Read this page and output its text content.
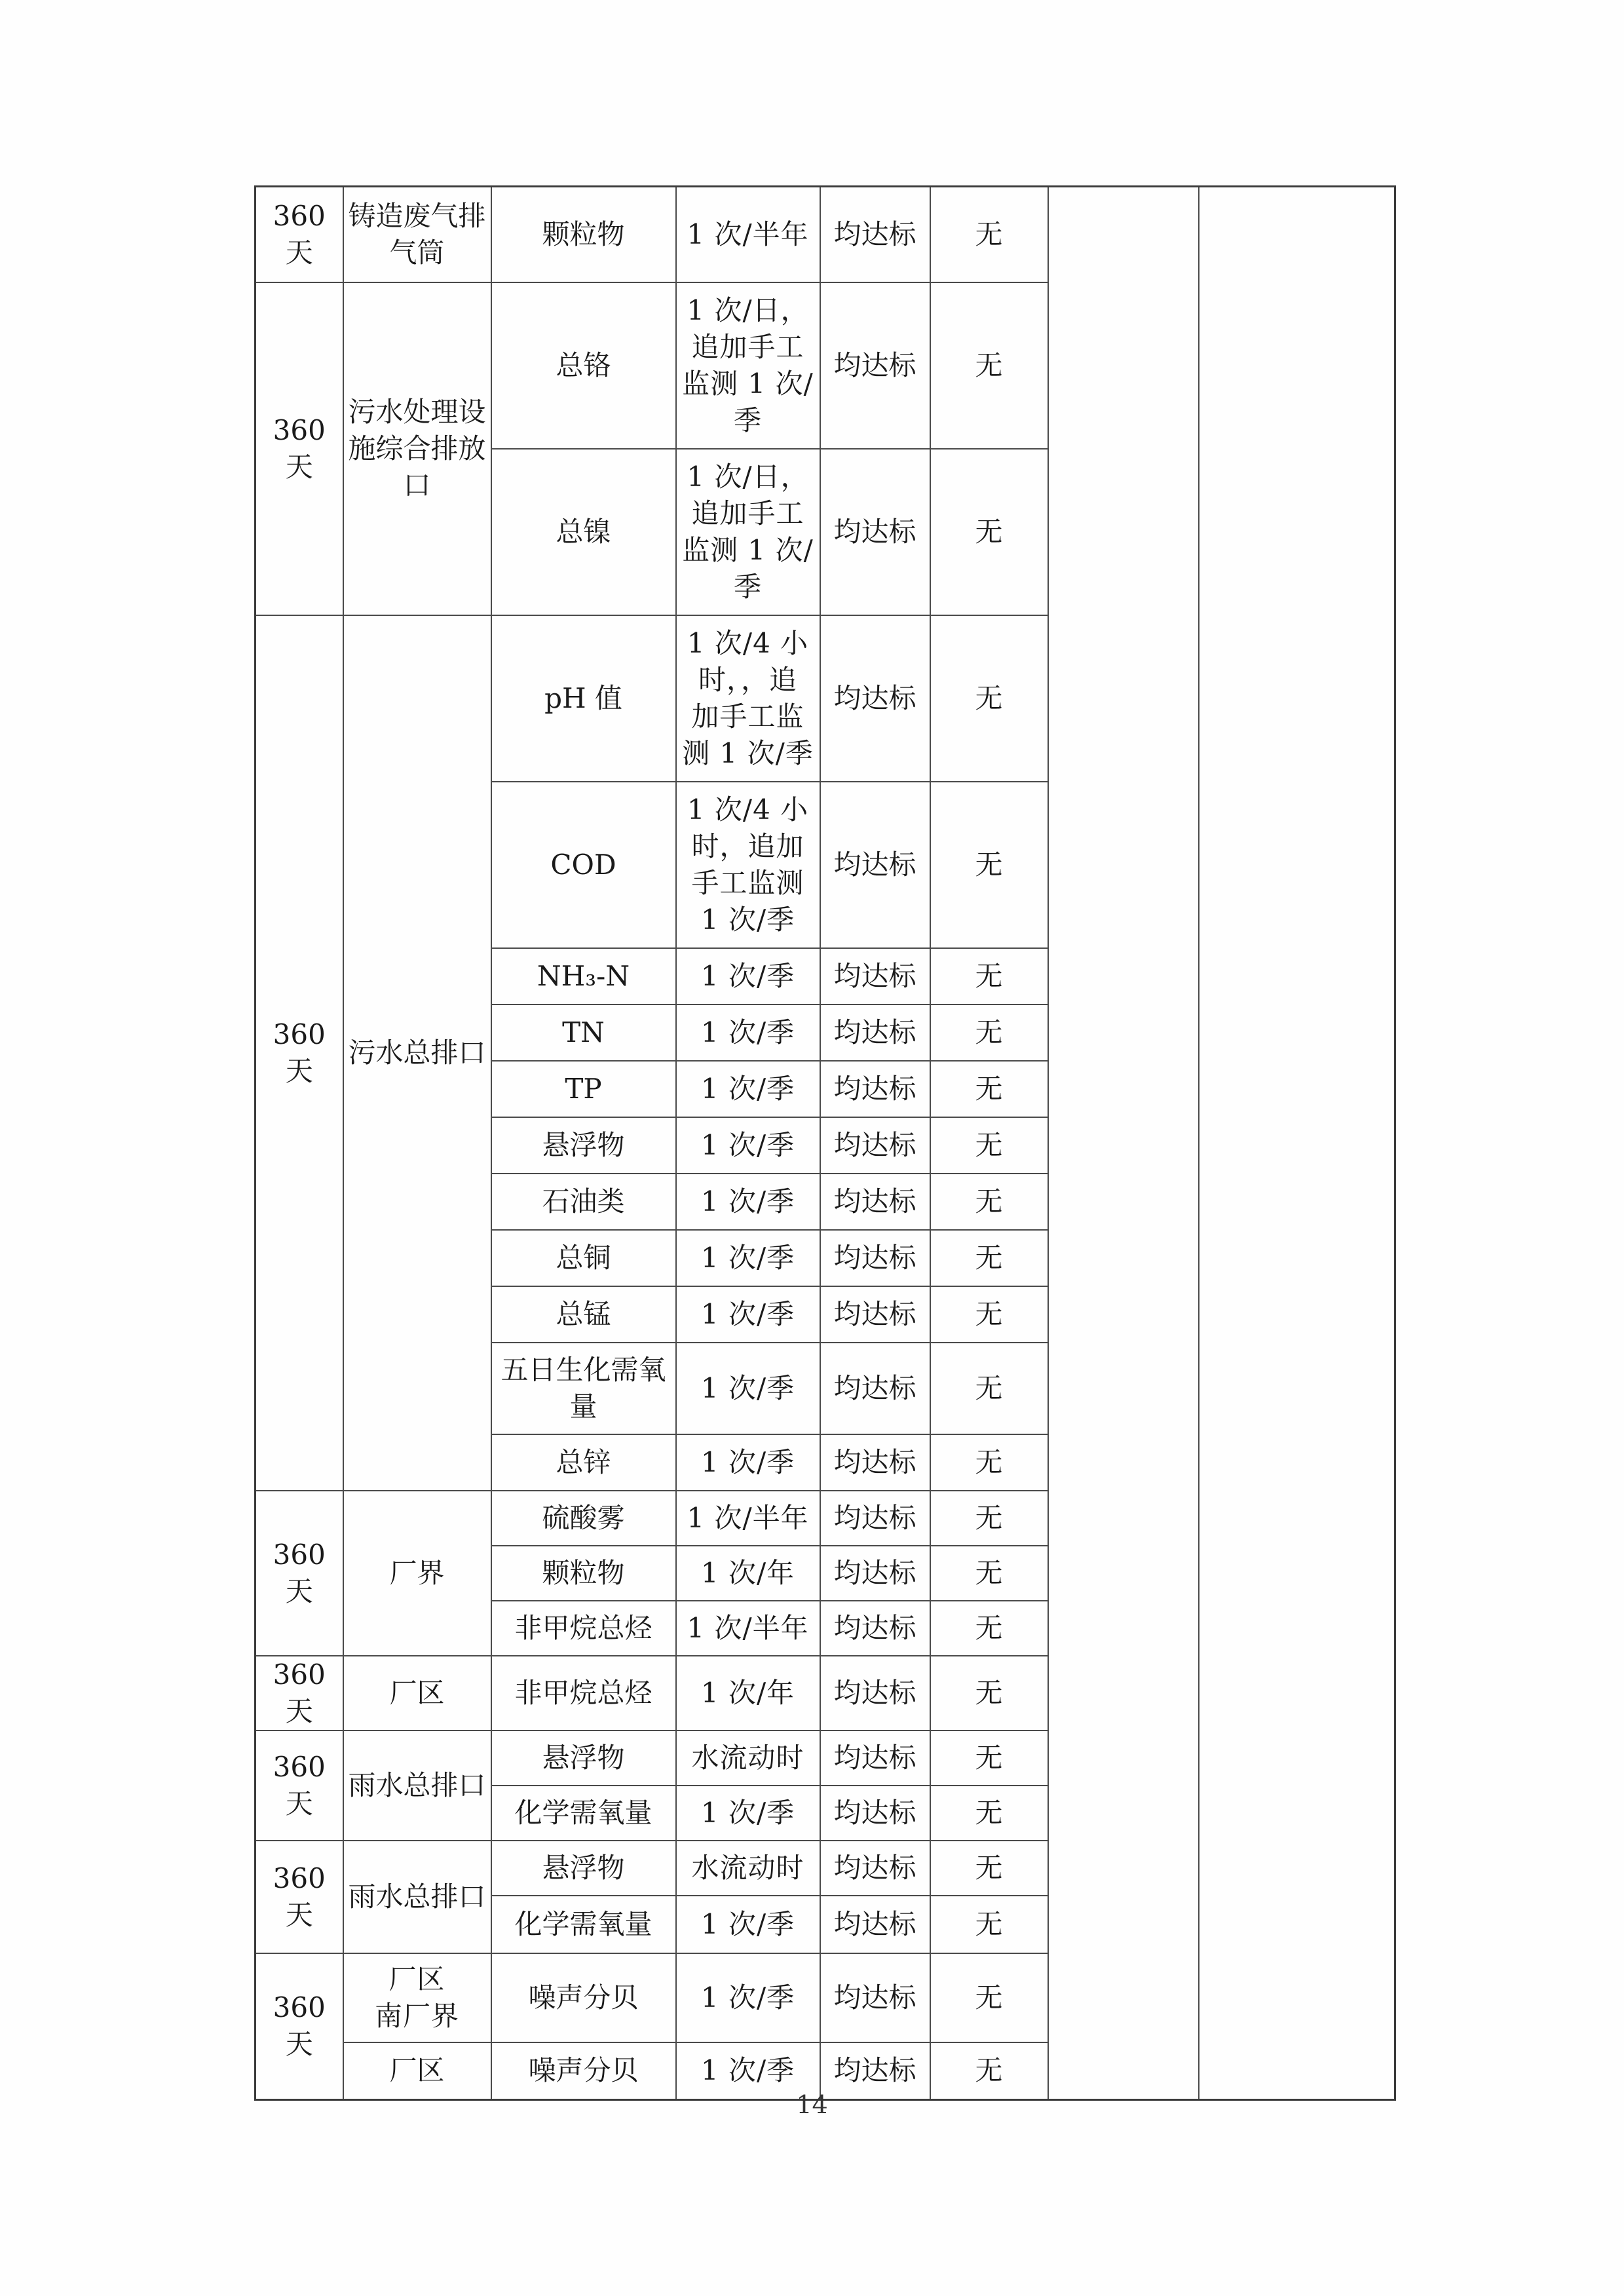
360 天	铸造废气排气筒	颗粒物	1 次/半年	均达标	无		
360 天	污水处理设施综合排放口	总铬	1 次/日，
追加手工
监测 1 次/
季	均达标	无		
		总镍	1 次/日，
追加手工
监测 1 次/
季	均达标	无		
360 天	污水总排口	pH 值	1 次/4 小
时，，追
加手工监
测 1 次/季	均达标	无		
		COD	1 次/4 小
时，追加
手工监测
1 次/季	均达标	无		
		NH₃-N	1 次/季	均达标	无		
		TN	1 次/季	均达标	无		
		TP	1 次/季	均达标	无		
		悬浮物	1 次/季	均达标	无		
		石油类	1 次/季	均达标	无		
		总铜	1 次/季	均达标	无		
		总锰	1 次/季	均达标	无		
		五日生化需氧量	1 次/季	均达标	无		
		总锌	1 次/季	均达标	无		
360 天	厂界	硫酸雾	1 次/半年	均达标	无		
		颗粒物	1 次/年	均达标	无		
		非甲烷总烃	1 次/半年	均达标	无		
360 天	厂区	非甲烷总烃	1 次/年	均达标	无		
360 天	雨水总排口	悬浮物	水流动时	均达标	无		
		化学需氧量	1 次/季	均达标	无		
360 天	雨水总排口	悬浮物	水流动时	均达标	无		
		化学需氧量	1 次/季	均达标	无		
360 天	厂区
南厂界	噪声分贝	1 次/季	均达标	无		
	厂区	噪声分贝	1 次/季	均达标	无		
14
